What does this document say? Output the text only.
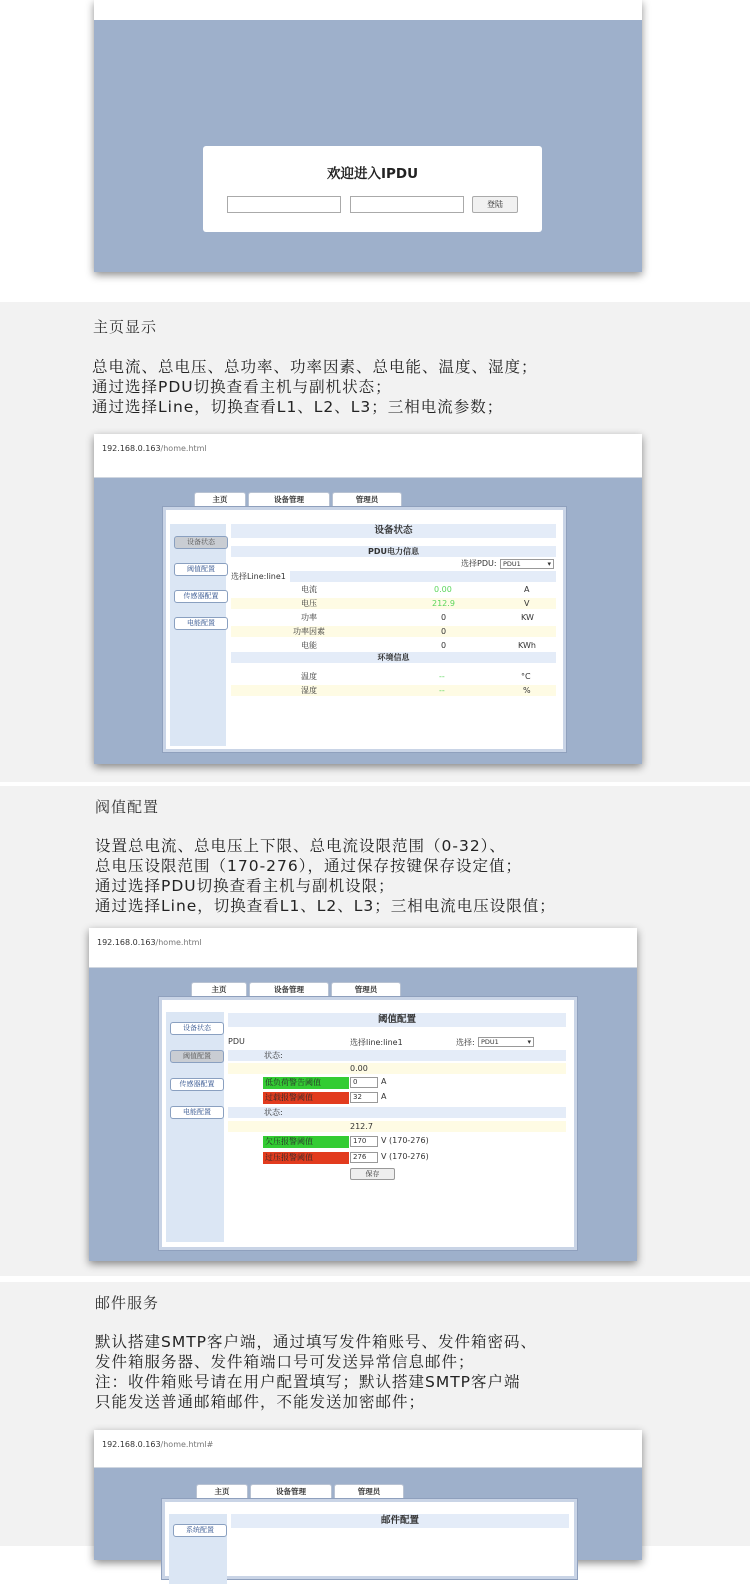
欢迎进入IPDU
登陆
主页显示
总电流、总电压、总功率、功率因素、总电能、温度、湿度；
通过选择PDU切换查看主机与副机状态；
通过选择Line，切换查看L1、L2、L3；三相电流参数；
192.168.0.163/home.html
主页	设备管理	管理员
设备状态
阈值配置
传感器配置
电能配置
设备状态
PDU电力信息
选择PDU: PDU1 ▾
选择Line:line1
电流	0.00	A
电压	212.9	V
功率	0	KW
功率因素	0
电能	0	KWh
环境信息
温度	--	°C
湿度	--	%
阀值配置
设置总电流、总电压上下限、总电流设限范围（0-32）、
总电压设限范围（170-276），通过保存按键保存设定值；
通过选择PDU切换查看主机与副机设限；
通过选择Line，切换查看L1、L2、L3；三相电流电压设限值；
192.168.0.163/home.html
主页	设备管理	管理员
设备状态
阈值配置
传感器配置
电能配置
阈值配置
PDU	选择line:line1	选择: PDU1 ▾
状态:
0.00
低负荷警告阈值	0	A
过载报警阈值	32	A
状态:
212.7
欠压报警阈值	170	V (170-276)
过压报警阈值	276	V (170-276)
保存
邮件服务
默认搭建SMTP客户端，通过填写发件箱账号、发件箱密码、
发件箱服务器、发件箱端口号可发送异常信息邮件；
注：收件箱账号请在用户配置填写；默认搭建SMTP客户端
只能发送普通邮箱邮件，不能发送加密邮件；
192.168.0.163/home.html#
主页	设备管理	管理员
系统配置
邮件配置
